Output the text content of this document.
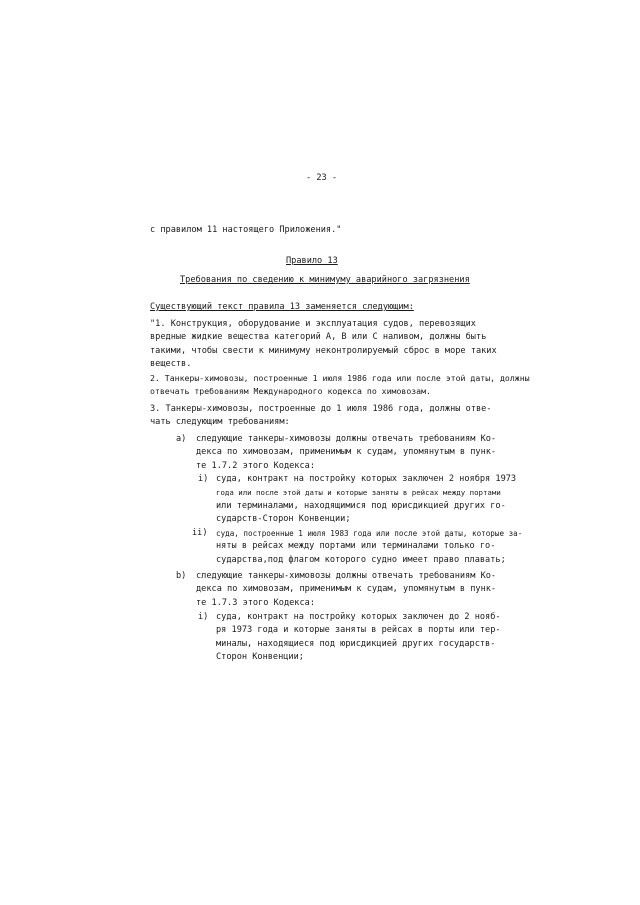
- 23 -
с правилом 11 настоящего Приложения."
Правило 13
Требования по сведению к минимуму аварийного загрязнения
Существующий текст правила 13 заменяется следующим:
"1. Конструкция, оборудование и эксплуатация судов, перевозящих
вредные жидкие вещества категорий А, В или С наливом, должны быть
такими, чтобы свести к минимуму неконтролируемый сброс в море таких
веществ.
2. Танкеры-химовозы, построенные 1 июля 1986 года или после этой даты, должны
отвечать требованиям Международного кодекса по химовозам.
3. Танкеры-химовозы, построенные до 1 июля 1986 года, должны отве-
чать следующим требованиям:
a) следующие танкеры-химовозы должны отвечать требованиям Ко-
декса по химовозам, применимым к судам, упомянутым в пунк-
те 1.7.2 этого Кодекса:
i) суда, контракт на постройку которых заключен 2 ноября 1973
года или после этой даты и которые заняты в рейсах между портами
или терминалами, находящимися под юрисдикцией других го-
сударств-Сторон Конвенции;
ii) суда, построенные 1 июля 1983 года или после этой даты, которые за-
няты в рейсах между портами или терминалами только го-
сударства,под флагом которого судно имеет право плавать;
b) следующие танкеры-химовозы должны отвечать требованиям Ко-
декса по химовозам, применимым к судам, упомянутым в пунк-
те 1.7.3 этого Кодекса:
i) суда, контракт на постройку которых заключен до 2 нояб-
ря 1973 года и которые заняты в рейсах в порты или тер-
миналы, находящиеся под юрисдикцией других государств-
Сторон Конвенции;
